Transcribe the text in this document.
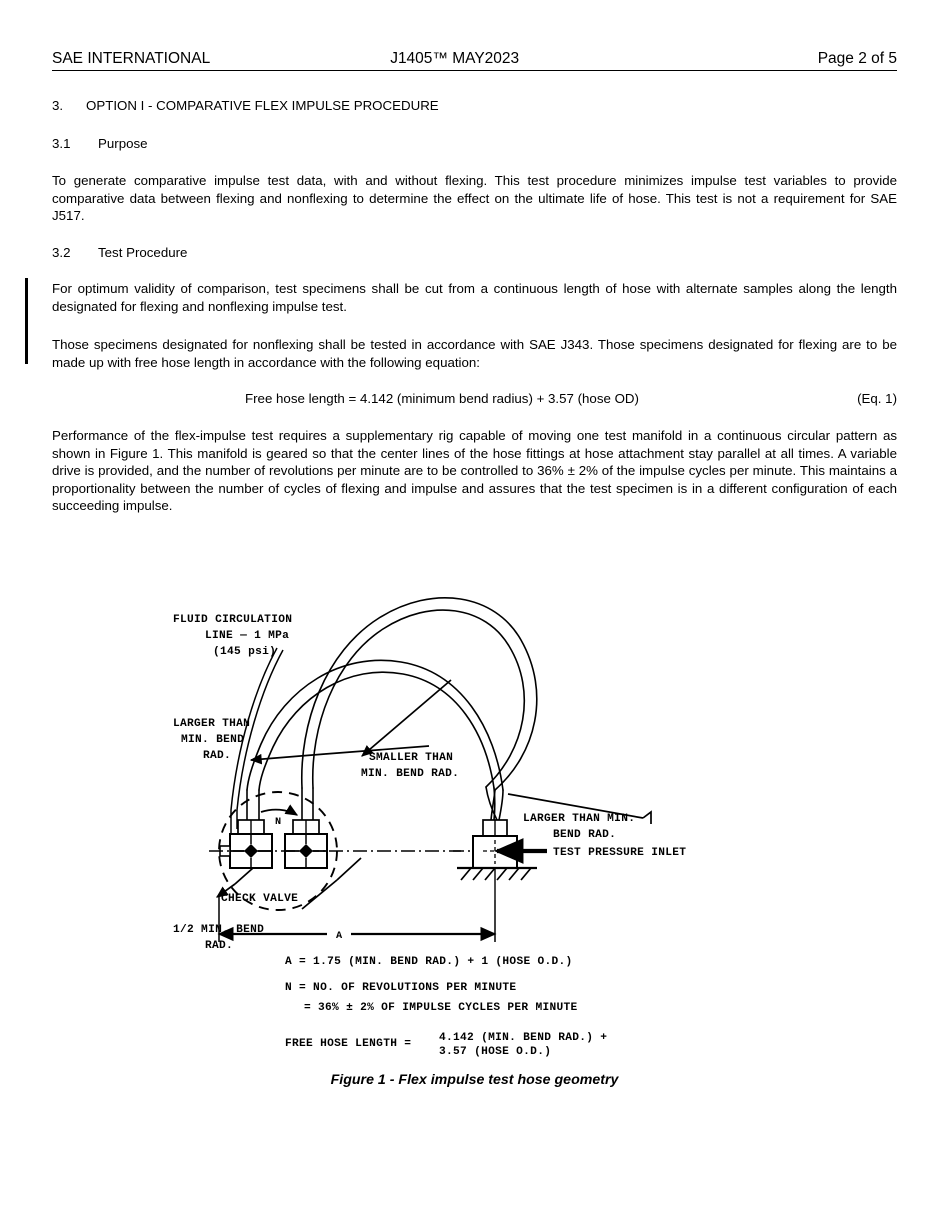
SAE INTERNATIONAL	J1405™ MAY2023	Page 2 of 5
3.	OPTION I - COMPARATIVE FLEX IMPULSE PROCEDURE
3.1	Purpose
To generate comparative impulse test data, with and without flexing. This test procedure minimizes impulse test variables to provide comparative data between flexing and nonflexing to determine the effect on the ultimate life of hose. This test is not a requirement for SAE J517.
3.2	Test Procedure
For optimum validity of comparison, test specimens shall be cut from a continuous length of hose with alternate samples along the length designated for flexing and nonflexing impulse test.
Those specimens designated for nonflexing shall be tested in accordance with SAE J343. Those specimens designated for flexing are to be made up with free hose length in accordance with the following equation:
Free hose length = 4.142 (minimum bend radius) + 3.57 (hose OD)	(Eq. 1)
Performance of the flex-impulse test requires a supplementary rig capable of moving one test manifold in a continuous circular pattern as shown in Figure 1. This manifold is geared so that the center lines of the hose fittings at hose attachment stay parallel at all times. A variable drive is provided, and the number of revolutions per minute are to be controlled to 36% ± 2% of the impulse cycles per minute. This maintains a proportionality between the number of cycles of flexing and impulse and assures that the test specimen is in a different configuration of each succeeding impulse.
N
A
FLUID CIRCULATION
LINE — 1 MPa
(145 psi)
LARGER THAN
MIN. BEND
RAD.
CHECK VALVE
1/2 MIN. BEND
RAD.
SMALLER THAN
MIN. BEND RAD.
LARGER THAN MIN.
BEND RAD.
TEST PRESSURE INLET
A = 1.75 (MIN. BEND RAD.) + 1 (HOSE O.D.)
N = NO. OF REVOLUTIONS PER MINUTE
= 36% ± 2% OF IMPULSE CYCLES PER MINUTE
FREE HOSE LENGTH = 4.142 (MIN. BEND RAD.) +
3.57 (HOSE O.D.)
Figure 1 - Flex impulse test hose geometry
